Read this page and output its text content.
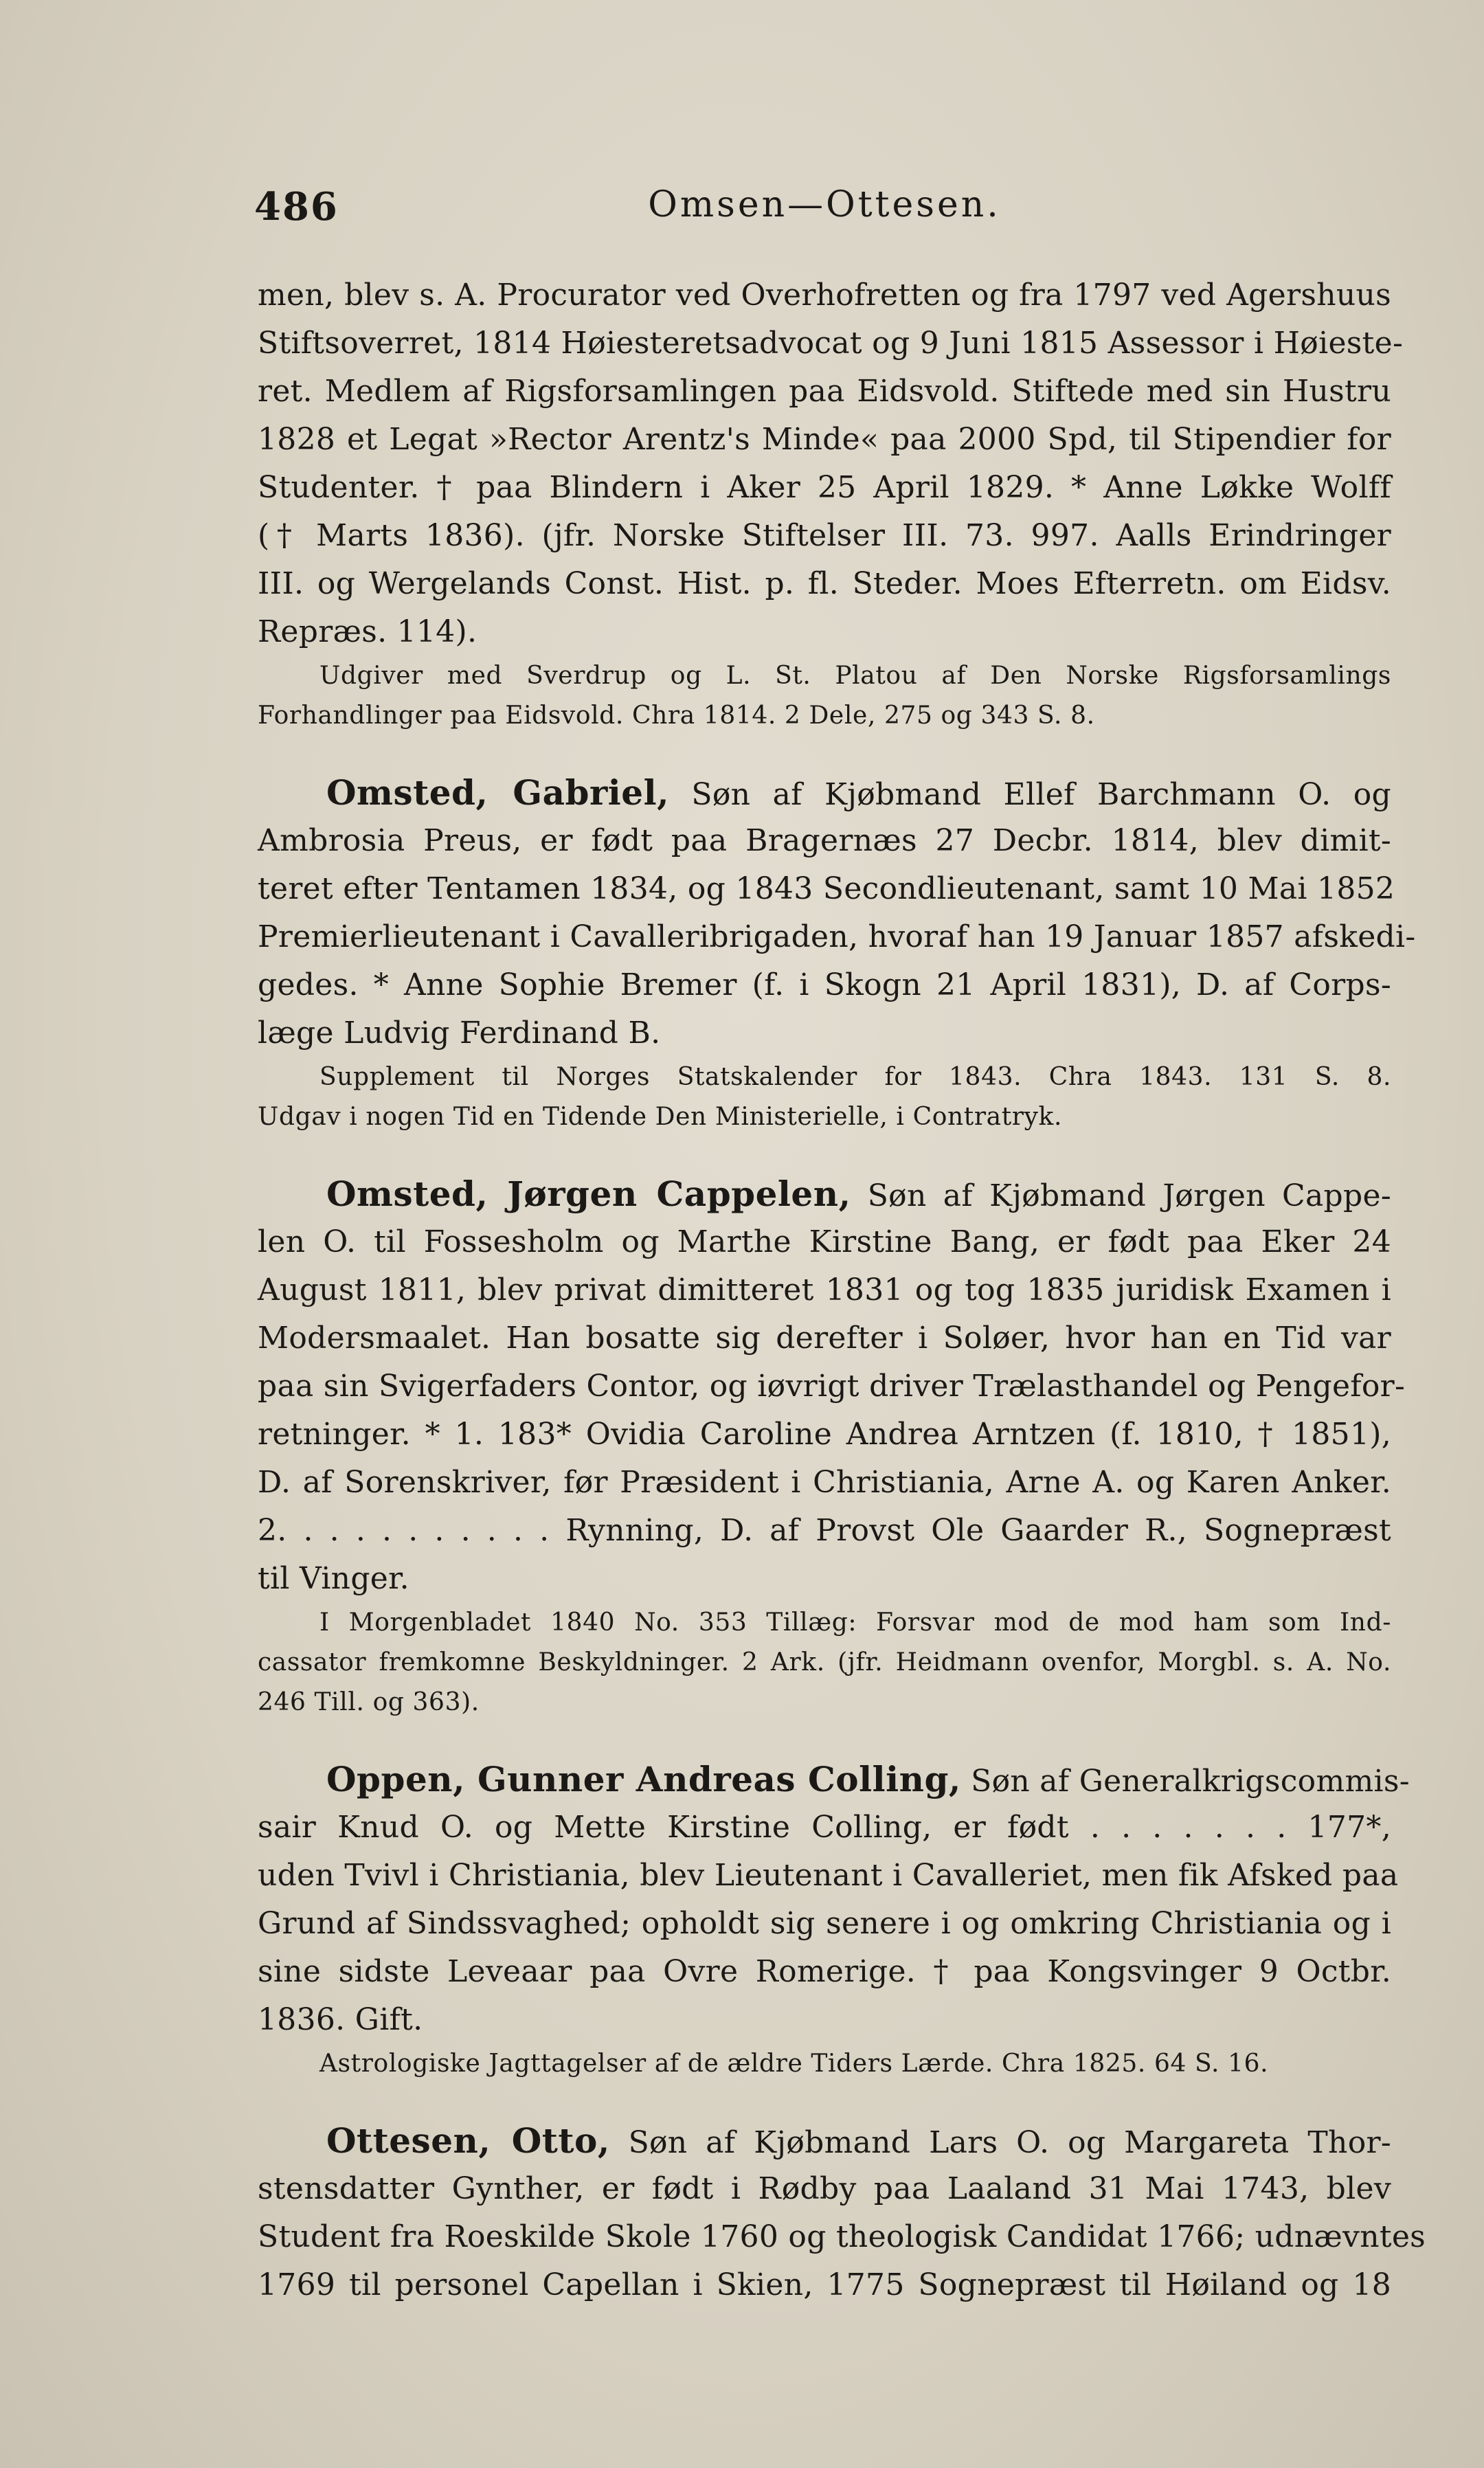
486	Omsen—Ottesen.
men, blev s. A. Procurator ved Overhofretten og fra 1797 ved Agershuus
Stiftsoverret, 1814 Høiesteretsadvocat og 9 Juni 1815 Assessor i Høieste-
ret. Medlem af Rigsforsamlingen paa Eidsvold. Stiftede med sin Hustru
1828 et Legat »Rector Arentz's Minde« paa 2000 Spd, til Stipendier for
Studenter. † paa Blindern i Aker 25 April 1829. * Anne Løkke Wolff
(† Marts 1836). (jfr. Norske Stiftelser III. 73. 997. Aalls Erindringer
III. og Wergelands Const. Hist. p. fl. Steder. Moes Efterretn. om Eidsv.
Repræs. 114).
Udgiver med Sverdrup og L. St. Platou af Den Norske Rigsforsamlings
Forhandlinger paa Eidsvold. Chra 1814. 2 Dele, 275 og 343 S. 8.
Omsted, Gabriel, Søn af Kjøbmand Ellef Barchmann O. og
Ambrosia Preus, er født paa Bragernæs 27 Decbr. 1814, blev dimit-
teret efter Tentamen 1834, og 1843 Secondlieutenant, samt 10 Mai 1852
Premierlieutenant i Cavalleribrigaden, hvoraf han 19 Januar 1857 afskedi-
gedes. * Anne Sophie Bremer (f. i Skogn 21 April 1831), D. af Corps-
læge Ludvig Ferdinand B.
Supplement til Norges Statskalender for 1843. Chra 1843. 131 S. 8.
Udgav i nogen Tid en Tidende Den Ministerielle, i Contratryk.
Omsted, Jørgen Cappelen, Søn af Kjøbmand Jørgen Cappe-
len O. til Fossesholm og Marthe Kirstine Bang, er født paa Eker 24
August 1811, blev privat dimitteret 1831 og tog 1835 juridisk Examen i
Modersmaalet. Han bosatte sig derefter i Soløer, hvor han en Tid var
paa sin Svigerfaders Contor, og iøvrigt driver Trælasthandel og Pengefor-
retninger. * 1. 183* Ovidia Caroline Andrea Arntzen (f. 1810, † 1851),
D. af Sorenskriver, før Præsident i Christiania, Arne A. og Karen Anker.
2. . . . . . . . . . . Rynning, D. af Provst Ole Gaarder R., Sognepræst
til Vinger.
I Morgenbladet 1840 No. 353 Tillæg: Forsvar mod de mod ham som Ind-
cassator fremkomne Beskyldninger. 2 Ark. (jfr. Heidmann ovenfor, Morgbl. s. A. No.
246 Till. og 363).
Oppen, Gunner Andreas Colling, Søn af Generalkrigscommis-
sair Knud O. og Mette Kirstine Colling, er født . . . . . . . 177*,
uden Tvivl i Christiania, blev Lieutenant i Cavalleriet, men fik Afsked paa
Grund af Sindssvaghed; opholdt sig senere i og omkring Christiania og i
sine sidste Leveaar paa Ovre Romerige. † paa Kongsvinger 9 Octbr.
1836. Gift.
Astrologiske Jagttagelser af de ældre Tiders Lærde. Chra 1825. 64 S. 16.
Ottesen, Otto, Søn af Kjøbmand Lars O. og Margareta Thor-
stensdatter Gynther, er født i Rødby paa Laaland 31 Mai 1743, blev
Student fra Roeskilde Skole 1760 og theologisk Candidat 1766; udnævntes
1769 til personel Capellan i Skien, 1775 Sognepræst til Høiland og 18
